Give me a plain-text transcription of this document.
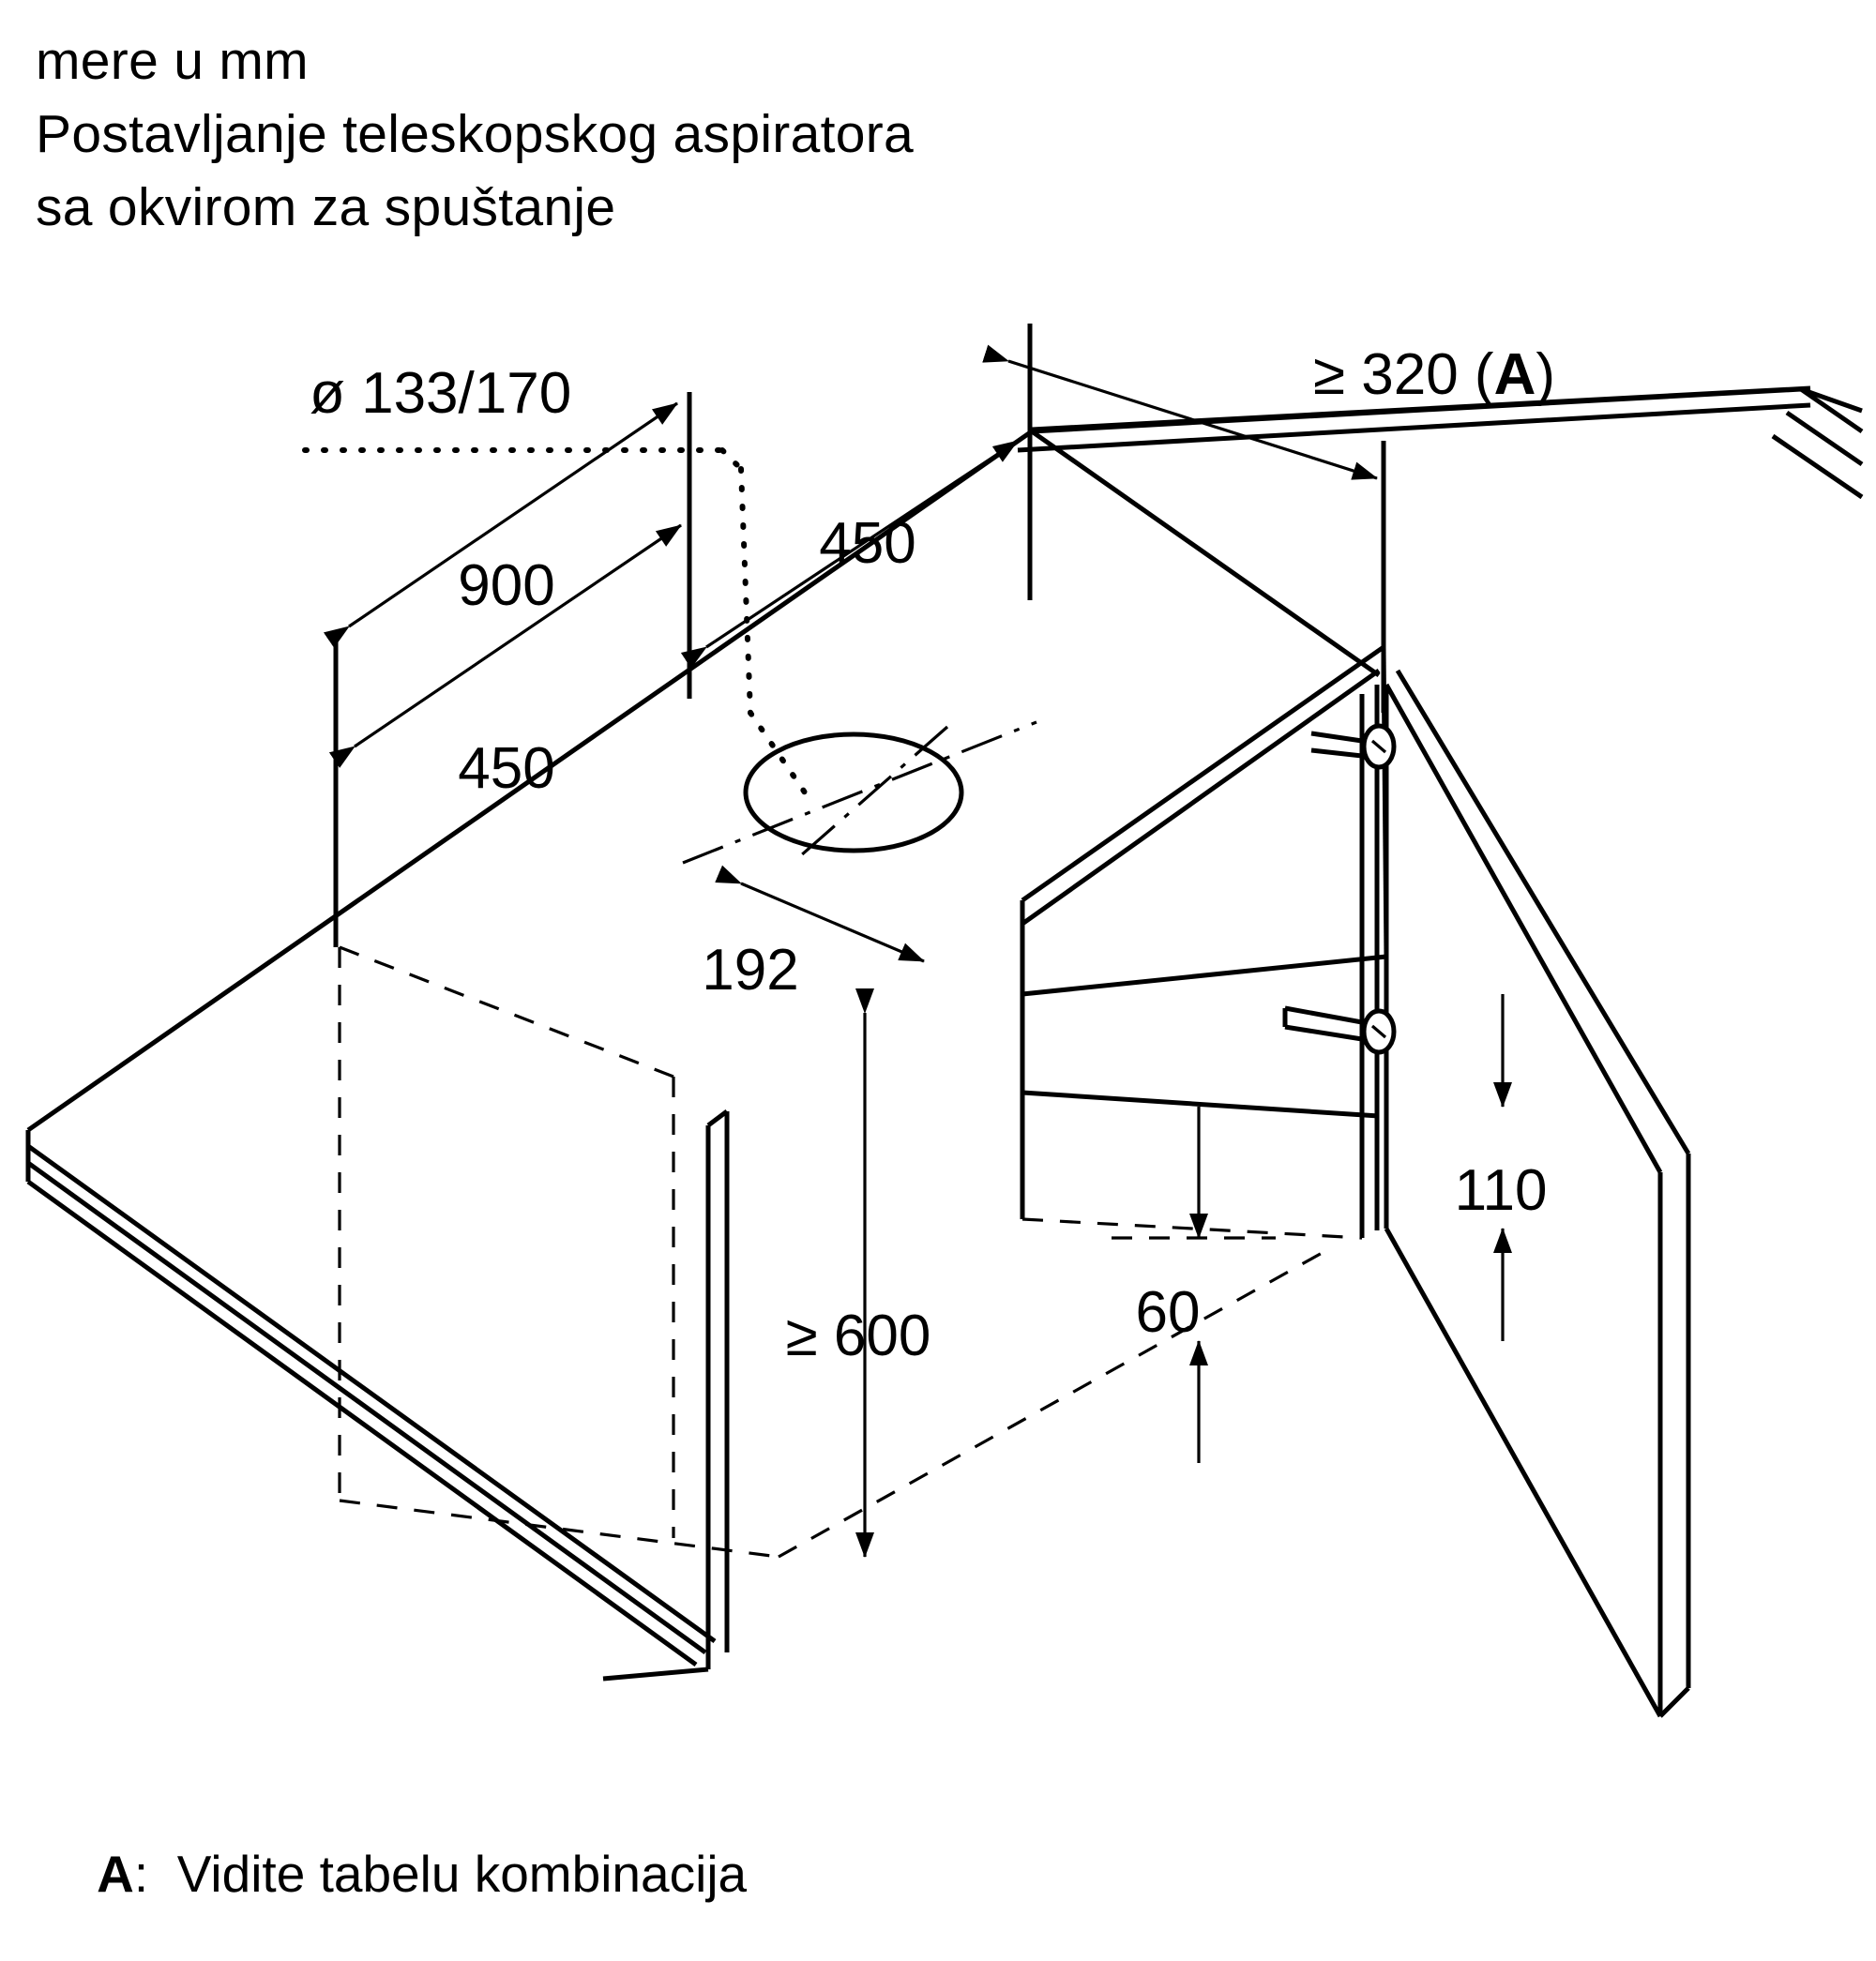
mere u mm
Postavljanje teleskopskog aspiratora
sa okvirom za spuštanje
900
450
450
≥ 320 (A)
ø 133/170
192
≥ 600	60
110

A: Vidite tabelu kombinacija
